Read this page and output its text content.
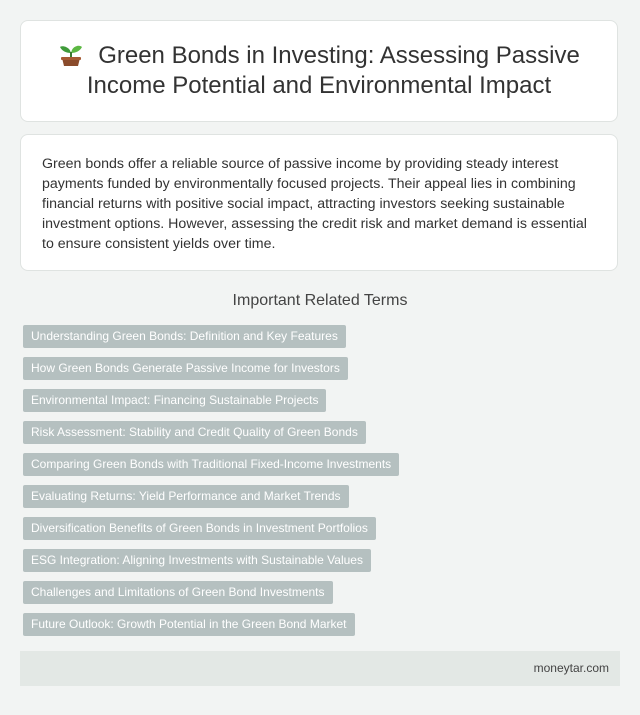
Green Bonds in Investing: Assessing Passive Income Potential and Environmental Impact

Green bonds offer a reliable source of passive income by providing steady interest payments funded by environmentally focused projects. Their appeal lies in combining financial returns with positive social impact, attracting investors seeking sustainable investment options. However, assessing the credit risk and market demand is essential to ensure consistent yields over time.

Important Related Terms
Understanding Green Bonds: Definition and Key Features
How Green Bonds Generate Passive Income for Investors
Environmental Impact: Financing Sustainable Projects
Risk Assessment: Stability and Credit Quality of Green Bonds
Comparing Green Bonds with Traditional Fixed-Income Investments
Evaluating Returns: Yield Performance and Market Trends
Diversification Benefits of Green Bonds in Investment Portfolios
ESG Integration: Aligning Investments with Sustainable Values
Challenges and Limitations of Green Bond Investments
Future Outlook: Growth Potential in the Green Bond Market
moneytar.com
